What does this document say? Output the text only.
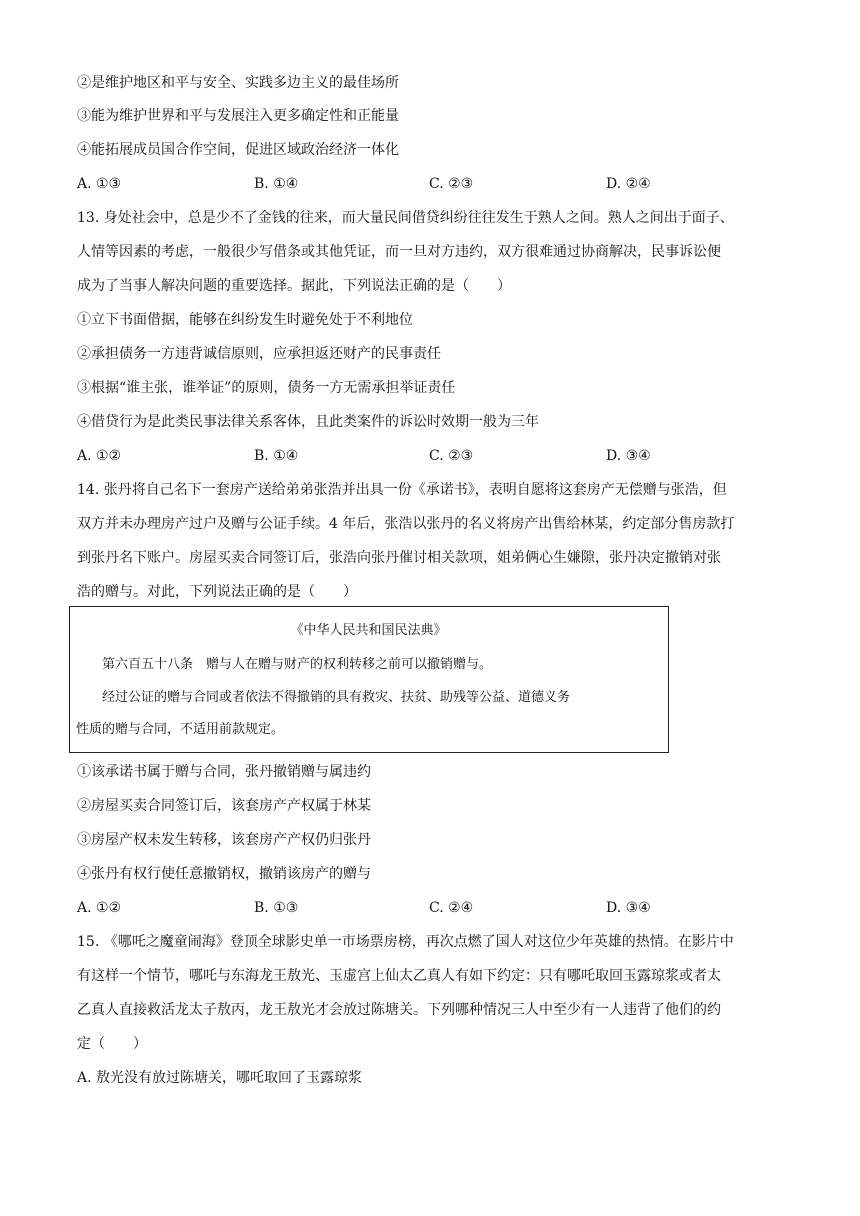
②是维护地区和平与安全、实践多边主义的最佳场所
③能为维护世界和平与发展注入更多确定性和正能量
④能拓展成员国合作空间，促进区域政治经济一体化
A. ①③	B. ①④	C. ②③	D. ②④
13. 身处社会中，总是少不了金钱的往来，而大量民间借贷纠纷往往发生于熟人之间。熟人之间出于面子、
人情等因素的考虑，一般很少写借条或其他凭证，而一旦对方违约，双方很难通过协商解决，民事诉讼便
成为了当事人解决问题的重要选择。据此，下列说法正确的是（　　）
①立下书面借据，能够在纠纷发生时避免处于不利地位
②承担债务一方违背诚信原则，应承担返还财产的民事责任
③根据“谁主张，谁举证”的原则，债务一方无需承担举证责任
④借贷行为是此类民事法律关系客体，且此类案件的诉讼时效期一般为三年
A. ①②	B. ①④	C. ②③	D. ③④
14. 张丹将自己名下一套房产送给弟弟张浩并出具一份《承诺书》，表明自愿将这套房产无偿赠与张浩，但
双方并未办理房产过户及赠与公证手续。4 年后，张浩以张丹的名义将房产出售给林某，约定部分售房款打
到张丹名下账户。房屋买卖合同签订后，张浩向张丹催讨相关款项，姐弟俩心生嫌隙，张丹决定撤销对张
浩的赠与。对此，下列说法正确的是（　　）
《中华人民共和国民法典》
第六百五十八条　赠与人在赠与财产的权利转移之前可以撤销赠与。
经过公证的赠与合同或者依法不得撤销的具有救灾、扶贫、助残等公益、道德义务
性质的赠与合同，不适用前款规定。
①该承诺书属于赠与合同，张丹撤销赠与属违约
②房屋买卖合同签订后，该套房产产权属于林某
③房屋产权未发生转移，该套房产产权仍归张丹
④张丹有权行使任意撤销权，撤销该房产的赠与
A. ①②	B. ①③	C. ②④	D. ③④
15. 《哪吒之魔童闹海》登顶全球影史单一市场票房榜，再次点燃了国人对这位少年英雄的热情。在影片中
有这样一个情节，哪吒与东海龙王敖光、玉虚宫上仙太乙真人有如下约定：只有哪吒取回玉露琼浆或者太
乙真人直接救活龙太子敖丙，龙王敖光才会放过陈塘关。下列哪种情况三人中至少有一人违背了他们的约
定（　　）
A. 敖光没有放过陈塘关，哪吒取回了玉露琼浆
